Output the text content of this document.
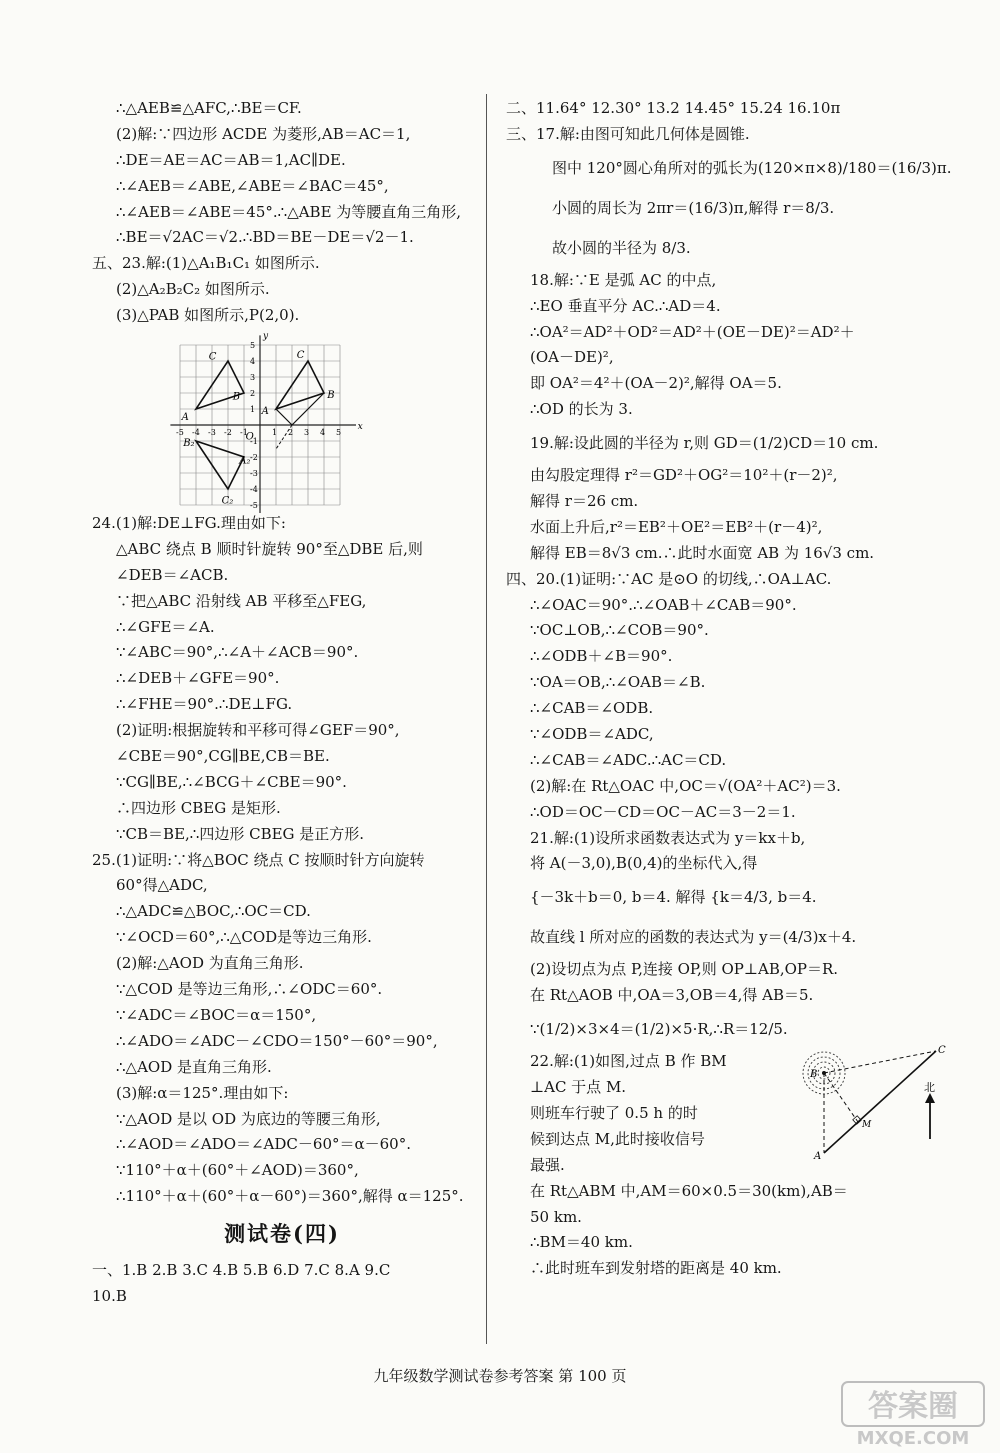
∴△AEB≌△AFC,∴BE＝CF.
(2)解:∵四边形 ACDE 为菱形,AB＝AC＝1,
∴DE＝AE＝AC＝AB＝1,AC∥DE.
∴∠AEB＝∠ABE,∠ABE＝∠BAC＝45°,
∴∠AEB＝∠ABE＝45°.∴△ABE 为等腰直角三角形,
∴BE＝√2AC＝√2.∴BD＝BE－DE＝√2－1.
五、23.解:(1)△A₁B₁C₁ 如图所示.
(2)△A₂B₂C₂ 如图所示.
(3)△PAB 如图所示,P(2,0).
x
y
C
A
B
C
A
B
B₂
A₂
C₂
O
-5 -4 -3 -2 -1	1 2 3 4 5
5
4
3
2
1
-1
-2
-3
-4
-5
24.(1)解:DE⊥FG.理由如下:
△ABC 绕点 B 顺时针旋转 90°至△DBE 后,则
∠DEB＝∠ACB.
∵把△ABC 沿射线 AB 平移至△FEG,
∴∠GFE＝∠A.
∵∠ABC＝90°,∴∠A＋∠ACB＝90°.
∴∠DEB＋∠GFE＝90°.
∴∠FHE＝90°.∴DE⊥FG.
(2)证明:根据旋转和平移可得∠GEF＝90°,
∠CBE＝90°,CG∥BE,CB＝BE.
∵CG∥BE,∴∠BCG＋∠CBE＝90°.
∴四边形 CBEG 是矩形.
∵CB＝BE,∴四边形 CBEG 是正方形.
25.(1)证明:∵将△BOC 绕点 C 按顺时针方向旋转
60°得△ADC,
∴△ADC≌△BOC,∴OC＝CD.
∵∠OCD＝60°,∴△COD是等边三角形.
(2)解:△AOD 为直角三角形.
∵△COD 是等边三角形,∴∠ODC＝60°.
∵∠ADC＝∠BOC＝α＝150°,
∴∠ADO＝∠ADC－∠CDO＝150°－60°＝90°,
∴△AOD 是直角三角形.
(3)解:α＝125°.理由如下:
∵△AOD 是以 OD 为底边的等腰三角形,
∴∠AOD＝∠ADO＝∠ADC－60°＝α－60°.
∵110°＋α＋(60°＋∠AOD)＝360°,
∴110°＋α＋(60°＋α－60°)＝360°,解得 α＝125°.
测试卷(四)
一、1.B 2.B 3.C 4.B 5.B 6.D 7.C 8.A 9.C
10.B
二、11.64° 12.30° 13.2 14.45° 15.24 16.10π
三、17.解:由图可知此几何体是圆锥.
图中 120°圆心角所对的弧长为(120×π×8)/180＝(16/3)π.
小圆的周长为 2πr＝(16/3)π,解得 r＝8/3.
故小圆的半径为 8/3.
18.解:∵E 是弧 AC 的中点,
∴EO 垂直平分 AC.∴AD＝4.
∴OA²＝AD²＋OD²＝AD²＋(OE－DE)²＝AD²＋
(OA－DE)²,
即 OA²＝4²＋(OA－2)²,解得 OA＝5.
∴OD 的长为 3.
19.解:设此圆的半径为 r,则 GD＝(1/2)CD＝10 cm.
由勾股定理得 r²＝GD²＋OG²＝10²＋(r－2)²,
解得 r＝26 cm.
水面上升后,r²＝EB²＋OE²＝EB²＋(r－4)²,
解得 EB＝8√3 cm.∴此时水面宽 AB 为 16√3 cm.
四、20.(1)证明:∵AC 是⊙O 的切线,∴OA⊥AC.
∴∠OAC＝90°.∴∠OAB＋∠CAB＝90°.
∵OC⊥OB,∴∠COB＝90°.
∴∠ODB＋∠B＝90°.
∵OA＝OB,∴∠OAB＝∠B.
∴∠CAB＝∠ODB.
∵∠ODB＝∠ADC,
∴∠CAB＝∠ADC.∴AC＝CD.
(2)解:在 Rt△OAC 中,OC＝√(OA²＋AC²)＝3.
∴OD＝OC－CD＝OC－AC＝3－2＝1.
21.解:(1)设所求函数表达式为 y＝kx＋b,
将 A(－3,0),B(0,4)的坐标代入,得
{－3k＋b＝0, b＝4. 解得 {k＝4/3, b＝4.
故直线 l 所对应的函数的表达式为 y＝(4/3)x＋4.
(2)设切点为点 P,连接 OP,则 OP⊥AB,OP＝R.
在 Rt△AOB 中,OA＝3,OB＝4,得 AB＝5.
∵(1/2)×3×4＝(1/2)×5·R,∴R＝12/5.
22.解:(1)如图,过点 B 作 BM
C
B
北
M
A
⊥AC 于点 M.
则班车行驶了 0.5 h 的时
候到达点 M,此时接收信号
最强.
在 Rt△ABM 中,AM＝60×0.5＝30(km),AB＝
50 km.
∴BM＝40 km.
∴此时班车到发射塔的距离是 40 km.
九年级数学测试卷参考答案 第 100 页
答案圈
MXQE.COM
